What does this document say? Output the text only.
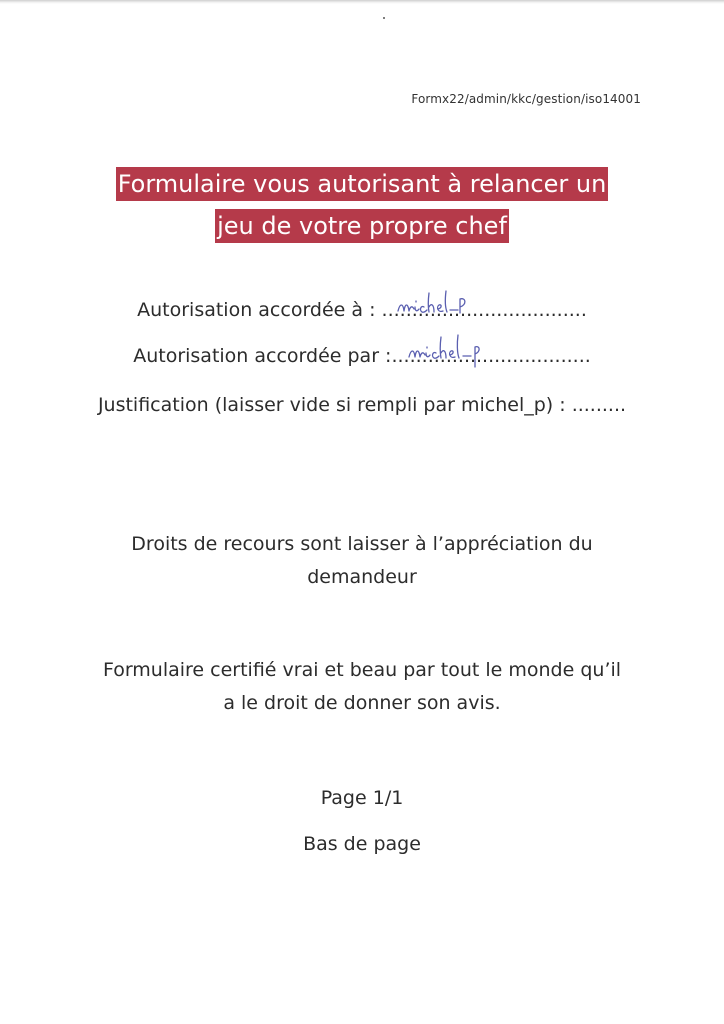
Formx22/admin/kkc/gestion/iso14001
Formulaire vous autorisant à relancer un
jeu de votre propre chef
Autorisation accordée à : ..................................
Autorisation accordée par :.................................
Justification (laisser vide si rempli par michel_p) : .........
Droits de recours sont laisser à l’appréciation du
demandeur
Formulaire certifié vrai et beau par tout le monde qu’il
a le droit de donner son avis.
Page 1/1
Bas de page
